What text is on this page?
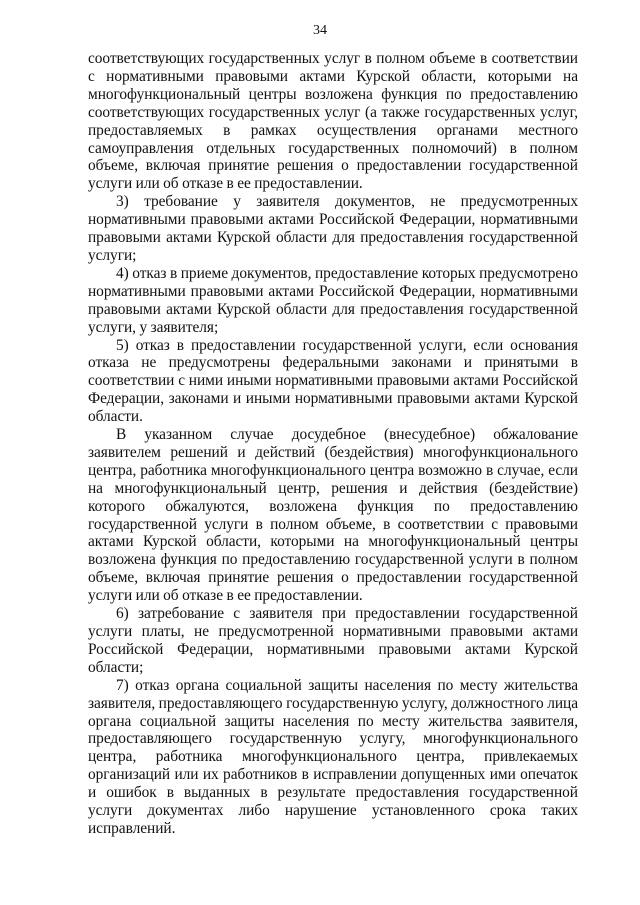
34

соответствующих государственных услуг в полном объеме в соответствии с нормативными правовыми актами Курской области, которыми на многофункциональный центры возложена функция по предоставлению соответствующих государственных услуг (а также государственных услуг, предоставляемых в рамках осуществления органами местного самоуправления отдельных государственных полномочий) в полном объеме, включая принятие решения о предоставлении государственной услуги или об отказе в ее предоставлении.

3) требование у заявителя документов, не предусмотренных нормативными правовыми актами Российской Федерации, нормативными правовыми актами Курской области для предоставления государственной услуги;

4) отказ в приеме документов, предоставление которых предусмотрено нормативными правовыми актами Российской Федерации, нормативными правовыми актами Курской области для предоставления государственной услуги, у заявителя;

5) отказ в предоставлении государственной услуги, если основания отказа не предусмотрены федеральными законами и принятыми в соответствии с ними иными нормативными правовыми актами Российской Федерации, законами и иными нормативными правовыми актами Курской области.

В указанном случае досудебное (внесудебное) обжалование заявителем решений и действий (бездействия) многофункционального центра, работника многофункционального центра возможно в случае, если на многофункциональный центр, решения и действия (бездействие) которого обжалуются, возложена функция по предоставлению государственной услуги в полном объеме, в соответствии с правовыми актами Курской области, которыми на многофункциональный центры возложена функция по предоставлению государственной услуги в полном объеме, включая принятие решения о предоставлении государственной услуги или об отказе в ее предоставлении.

6) затребование с заявителя при предоставлении государственной услуги платы, не предусмотренной нормативными правовыми актами Российской Федерации, нормативными правовыми актами Курской области;

7) отказ органа социальной защиты населения по месту жительства заявителя, предоставляющего государственную услугу, должностного лица органа социальной защиты населения по месту жительства заявителя, предоставляющего государственную услугу, многофункционального центра, работника многофункционального центра, привлекаемых организаций или их работников в исправлении допущенных ими опечаток и ошибок в выданных в результате предоставления государственной услуги документах либо нарушение установленного срока таких исправлений.
